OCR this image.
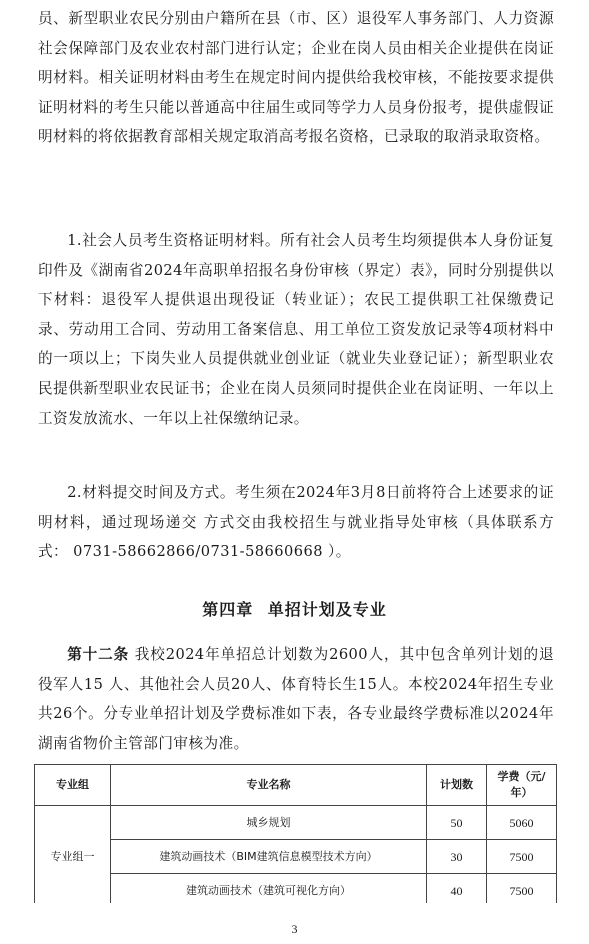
员、新型职业农民分别由户籍所在县（市、区）退役军人事务部门、人力资源社会保障部门及农业农村部门进行认定；企业在岗人员由相关企业提供在岗证明材料。相关证明材料由考生在规定时间内提供给我校审核，不能按要求提供证明材料的考生只能以普通高中往届生或同等学力人员身份报考，提供虚假证明材料的将依据教育部相关规定取消高考报名资格，已录取的取消录取资格。

1.社会人员考生资格证明材料。所有社会人员考生均须提供本人身份证复印件及《湖南省2024年高职单招报名身份审核（界定）表》，同时分别提供以下材料：退役军人提供退出现役证（转业证）；农民工提供职工社保缴费记录、劳动用工合同、劳动用工备案信息、用工单位工资发放记录等4项材料中的一项以上；下岗失业人员提供就业创业证（就业失业登记证）；新型职业农民提供新型职业农民证书；企业在岗人员须同时提供企业在岗证明、一年以上工资发放流水、一年以上社保缴纳记录。

2.材料提交时间及方式。考生须在2024年3月8日前将符合上述要求的证明材料，通过现场递交 方式交由我校招生与就业指导处审核（具体联系方式： 0731-58662866/0731-58660668 ）。

第四章 单招计划及专业

第十二条 我校2024年单招总计划数为2600人，其中包含单列计划的退役军人15 人、其他社会人员20人、体育特长生15人。本校2024年招生专业共26个。分专业单招计划及学费标准如下表，各专业最终学费标准以2024年湖南省物价主管部门审核为准。

专业组	专业名称	计划数	学费（元/年）
专业组一	城乡规划	50	5060
	建筑动画技术（BIM建筑信息模型技术方向）	30	7500
	建筑动画技术（建筑可视化方向）	40	7500
3
